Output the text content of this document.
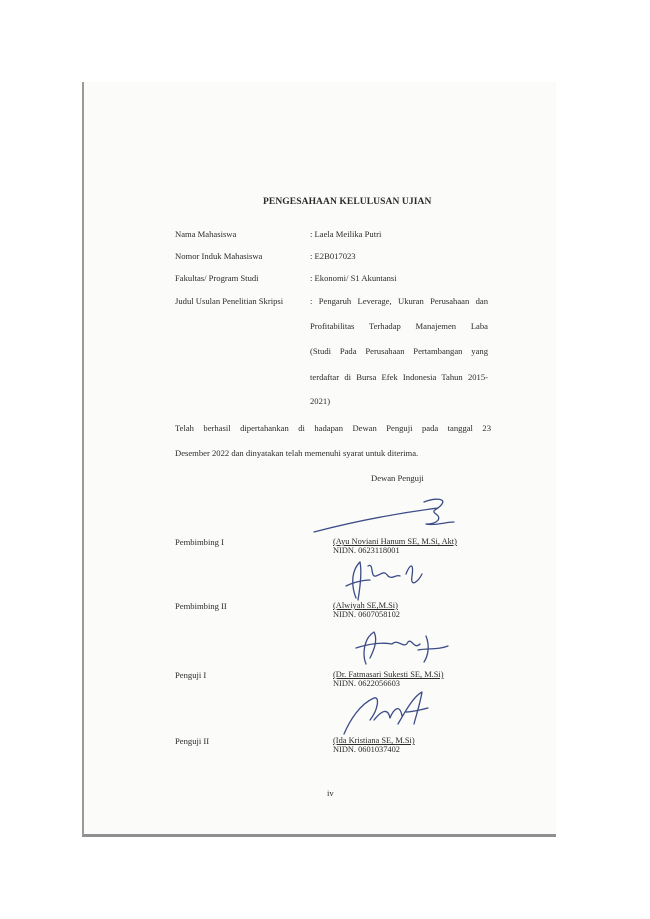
PENGESAHAAN KELULUSAN UJIAN
Nama Mahasiswa	: Laela Meilika Putri
Nomor Induk Mahasiswa	: E2B017023
Fakultas/ Program Studi	: Ekonomi/ S1 Akuntansi
Judul Usulan Penelitian Skripsi	: Pengaruh Leverage, Ukuran Perusahaan dan
Profitabilitas Terhadap Manajemen Laba
(Studi Pada Perusahaan Pertambangan yang
terdaftar di Bursa Efek Indonesia Tahun 2015-
2021)
Telah berhasil dipertahankan di hadapan Dewan Penguji pada tanggal 23
Desember 2022 dan dinyatakan telah memenuhi syarat untuk diterima.
Dewan Penguji
Pembimbing I	(Ayu Noviani Hanum SE, M.Si, Akt)
NIDN. 0623118001
Pembimbing II	(Alwiyah SE,M.Si)
NIDN. 0607058102
Penguji I	(Dr. Fatmasari Sukesti SE, M.Si)
NIDN. 0622056603
Penguji II	(Ida Kristiana SE, M.Si)
NIDN. 0601037402
iv
